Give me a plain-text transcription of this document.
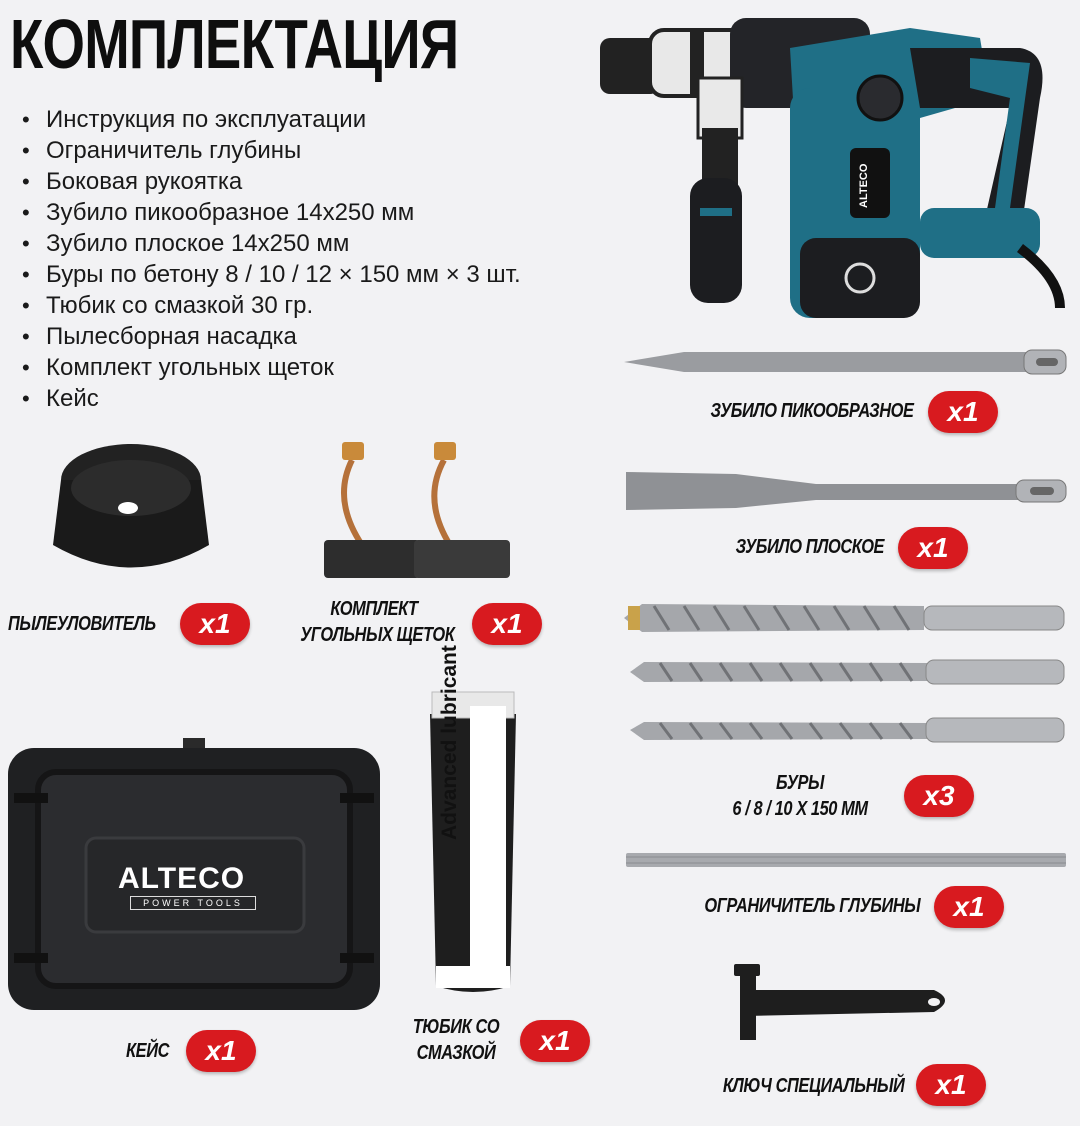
КОМПЛЕКТАЦИЯ
• Инструкция по эксплуатации
• Ограничитель глубины
• Боковая рукоятка
• Зубило пикообразное 14x250 мм
• Зубило плоское 14x250 мм
• Буры по бетону 8 / 10 / 12 × 150 мм × 3 шт.
• Тюбик со смазкой 30 гр.
• Пылесборная насадка
• Комплект угольных щеток
• Кейс
ALTECO
ЗУБИЛО ПИКООБРАЗНОЕ	x1
ЗУБИЛО ПЛОСКОЕ	x1
ПЫЛЕУЛОВИТЕЛЬ	x1	КОМПЛЕКТ
УГОЛЬНЫХ ЩЕТОК	x1
БУРЫ
6 / 8 / 10 Х 150 ММ	x3
ОГРАНИЧИТЕЛЬ ГЛУБИНЫ	x1
ALTECO
POWER TOOLS
КЕЙС	x1
Advanced lubricant
ТЮБИК СО
СМАЗКОЙ	x1
КЛЮЧ СПЕЦИАЛЬНЫЙ	x1
